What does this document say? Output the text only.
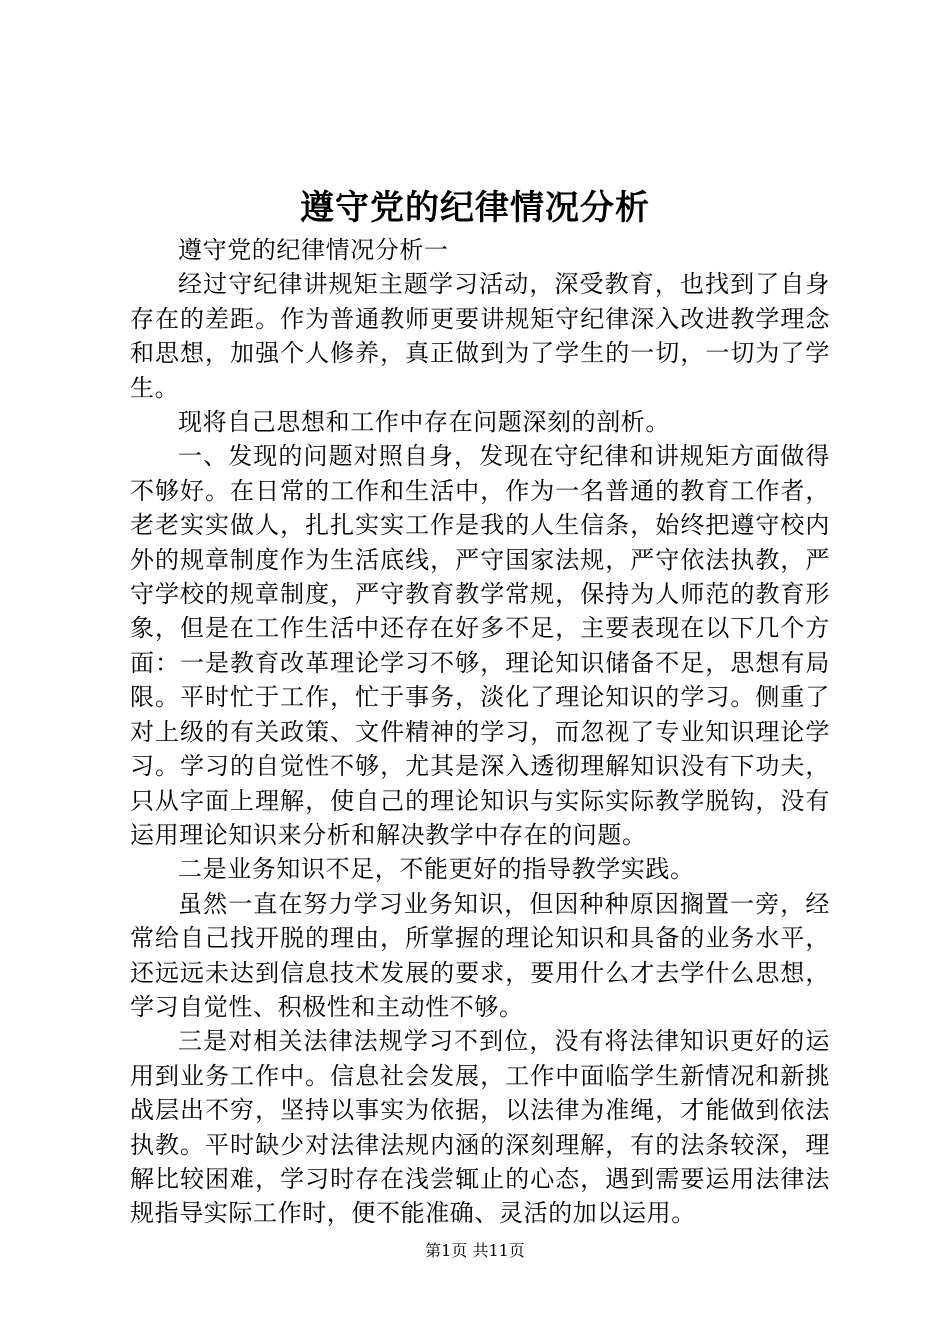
遵守党的纪律情况分析

遵守党的纪律情况分析一

经过守纪律讲规矩主题学习活动，深受教育，也找到了自身存在的差距。作为普通教师更要讲规矩守纪律深入改进教学理念和思想，加强个人修养，真正做到为了学生的一切，一切为了学生。

现将自己思想和工作中存在问题深刻的剖析。

一、发现的问题对照自身，发现在守纪律和讲规矩方面做得不够好。在日常的工作和生活中，作为一名普通的教育工作者，老老实实做人，扎扎实实工作是我的人生信条，始终把遵守校内外的规章制度作为生活底线，严守国家法规，严守依法执教，严守学校的规章制度，严守教育教学常规，保持为人师范的教育形象，但是在工作生活中还存在好多不足，主要表现在以下几个方面：一是教育改革理论学习不够，理论知识储备不足，思想有局限。平时忙于工作，忙于事务，淡化了理论知识的学习。侧重了对上级的有关政策、文件精神的学习，而忽视了专业知识理论学习。学习的自觉性不够，尤其是深入透彻理解知识没有下功夫，只从字面上理解，使自己的理论知识与实际实际教学脱钩，没有运用理论知识来分析和解决教学中存在的问题。

二是业务知识不足，不能更好的指导教学实践。

虽然一直在努力学习业务知识，但因种种原因搁置一旁，经常给自己找开脱的理由，所掌握的理论知识和具备的业务水平，还远远未达到信息技术发展的要求，要用什么才去学什么思想，学习自觉性、积极性和主动性不够。

三是对相关法律法规学习不到位，没有将法律知识更好的运用到业务工作中。信息社会发展，工作中面临学生新情况和新挑战层出不穷，坚持以事实为依据，以法律为准绳，才能做到依法执教。平时缺少对法律法规内涵的深刻理解，有的法条较深，理解比较困难，学习时存在浅尝辄止的心态，遇到需要运用法律法规指导实际工作时，便不能准确、灵活的加以运用。

第1页 共11页
